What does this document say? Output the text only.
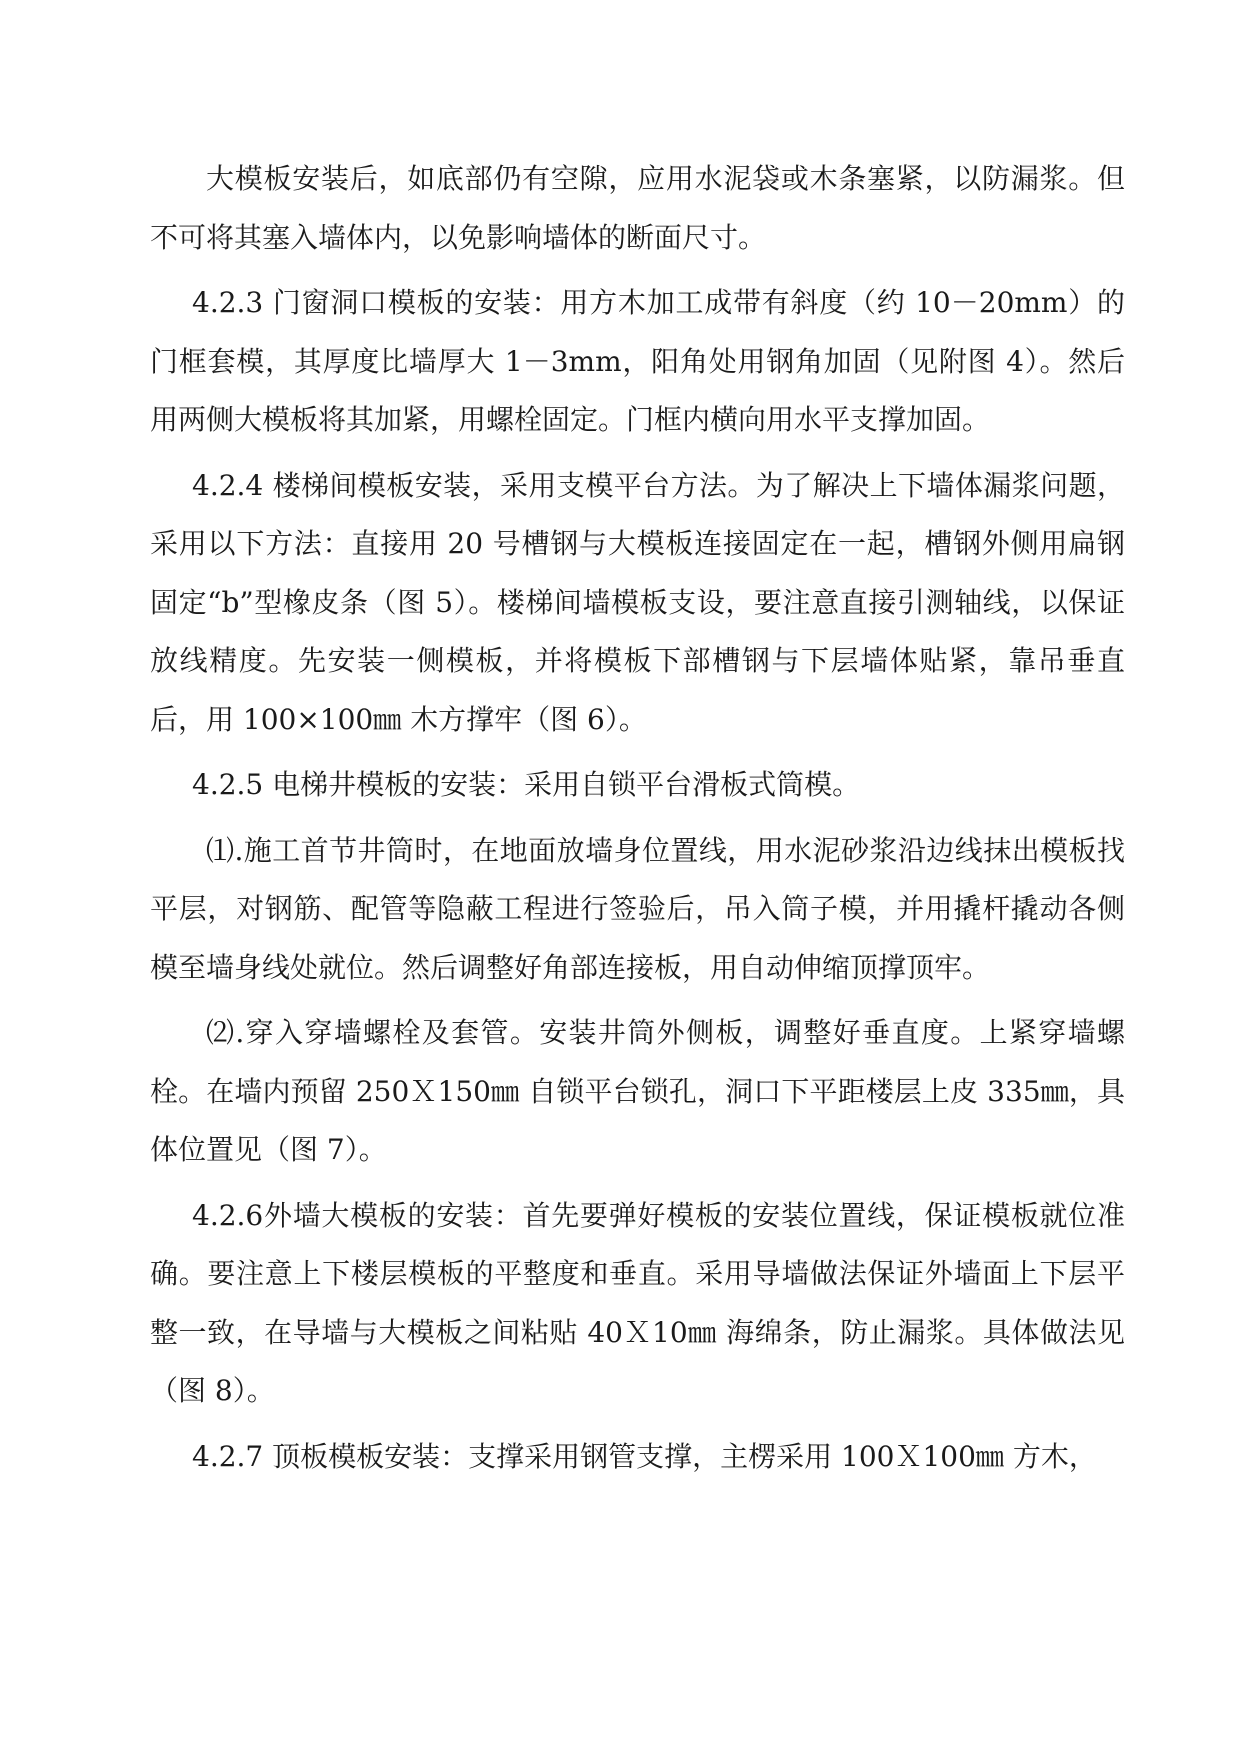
大模板安装后，如底部仍有空隙，应用水泥袋或木条塞紧，以防漏浆。但不可将其塞入墙体内，以免影响墙体的断面尺寸。

4.2.3 门窗洞口模板的安装：用方木加工成带有斜度（约 10－20mm）的门框套模，其厚度比墙厚大 1－3mm，阳角处用钢角加固（见附图 4）。然后用两侧大模板将其加紧，用螺栓固定。门框内横向用水平支撑加固。

4.2.4 楼梯间模板安装，采用支模平台方法。为了解决上下墙体漏浆问题，采用以下方法：直接用 20 号槽钢与大模板连接固定在一起，槽钢外侧用扁钢固定“b”型橡皮条（图 5）。楼梯间墙模板支设，要注意直接引测轴线，以保证放线精度。先安装一侧模板，并将模板下部槽钢与下层墙体贴紧，靠吊垂直后，用 100×100㎜ 木方撑牢（图 6）。

4.2.5 电梯井模板的安装：采用自锁平台滑板式筒模。

⑴.施工首节井筒时，在地面放墙身位置线，用水泥砂浆沿边线抹出模板找平层，对钢筋、配管等隐蔽工程进行签验后，吊入筒子模，并用撬杆撬动各侧模至墙身线处就位。然后调整好角部连接板，用自动伸缩顶撑顶牢。

⑵.穿入穿墙螺栓及套管。安装井筒外侧板，调整好垂直度。上紧穿墙螺栓。在墙内预留 250Ｘ150㎜ 自锁平台锁孔，洞口下平距楼层上皮 335㎜，具体位置见（图 7）。

4.2.6外墙大模板的安装：首先要弹好模板的安装位置线，保证模板就位准确。要注意上下楼层模板的平整度和垂直。采用导墙做法保证外墙面上下层平整一致，在导墙与大模板之间粘贴 40Ｘ10㎜ 海绵条，防止漏浆。具体做法见（图 8）。

4.2.7 顶板模板安装：支撑采用钢管支撑，主楞采用 100Ｘ100㎜ 方木，
